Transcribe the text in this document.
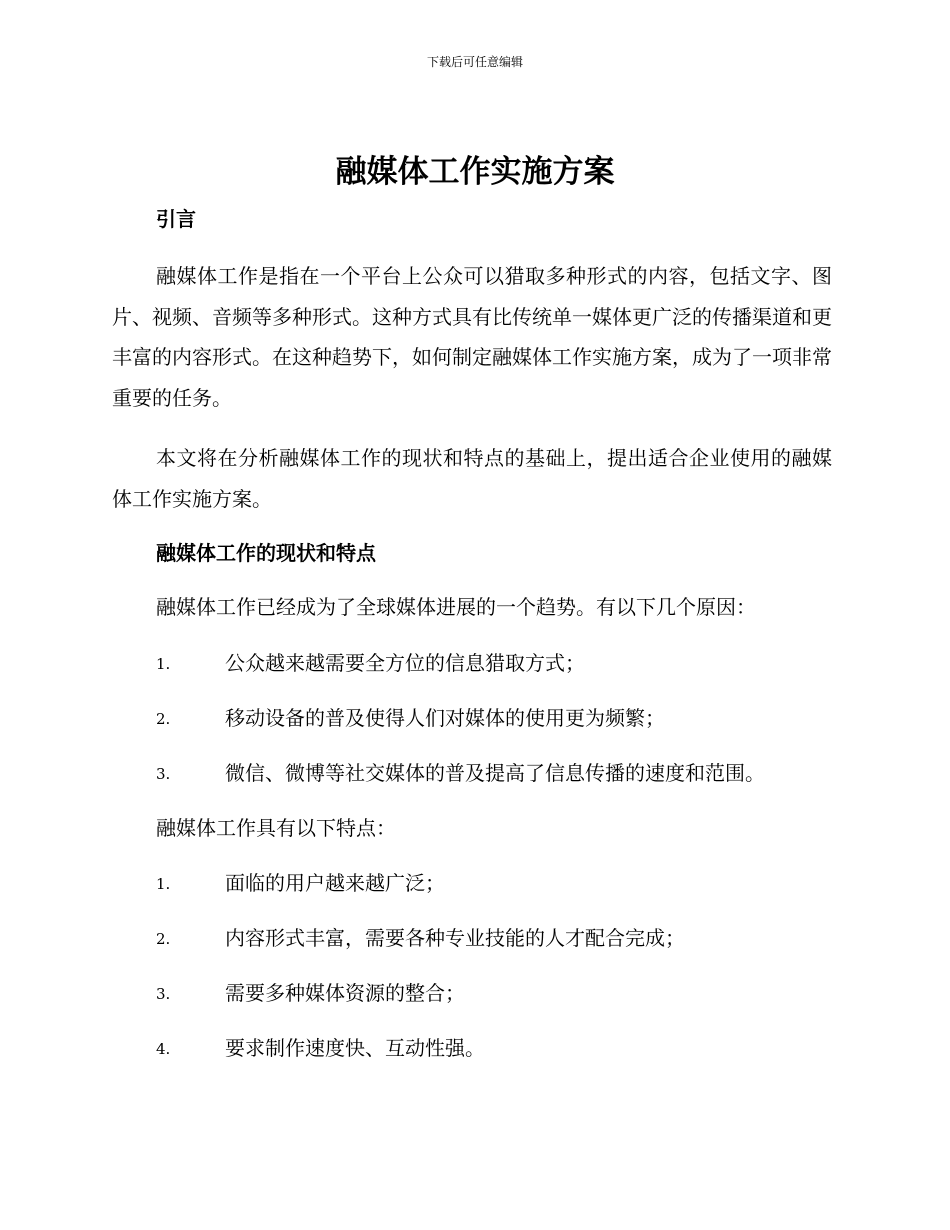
下载后可任意编辑
融媒体工作实施方案
引言

融媒体工作是指在一个平台上公众可以猎取多种形式的内容，包括文字、图片、视频、音频等多种形式。这种方式具有比传统单一媒体更广泛的传播渠道和更丰富的内容形式。在这种趋势下，如何制定融媒体工作实施方案，成为了一项非常重要的任务。

本文将在分析融媒体工作的现状和特点的基础上，提出适合企业使用的融媒体工作实施方案。

融媒体工作的现状和特点

融媒体工作已经成为了全球媒体进展的一个趋势。有以下几个原因：

1.	公众越来越需要全方位的信息猎取方式；
2.	移动设备的普及使得人们对媒体的使用更为频繁；
3.	微信、微博等社交媒体的普及提高了信息传播的速度和范围。

融媒体工作具有以下特点：

1.	面临的用户越来越广泛；
2.	内容形式丰富，需要各种专业技能的人才配合完成；
3.	需要多种媒体资源的整合；
4.	要求制作速度快、互动性强。
